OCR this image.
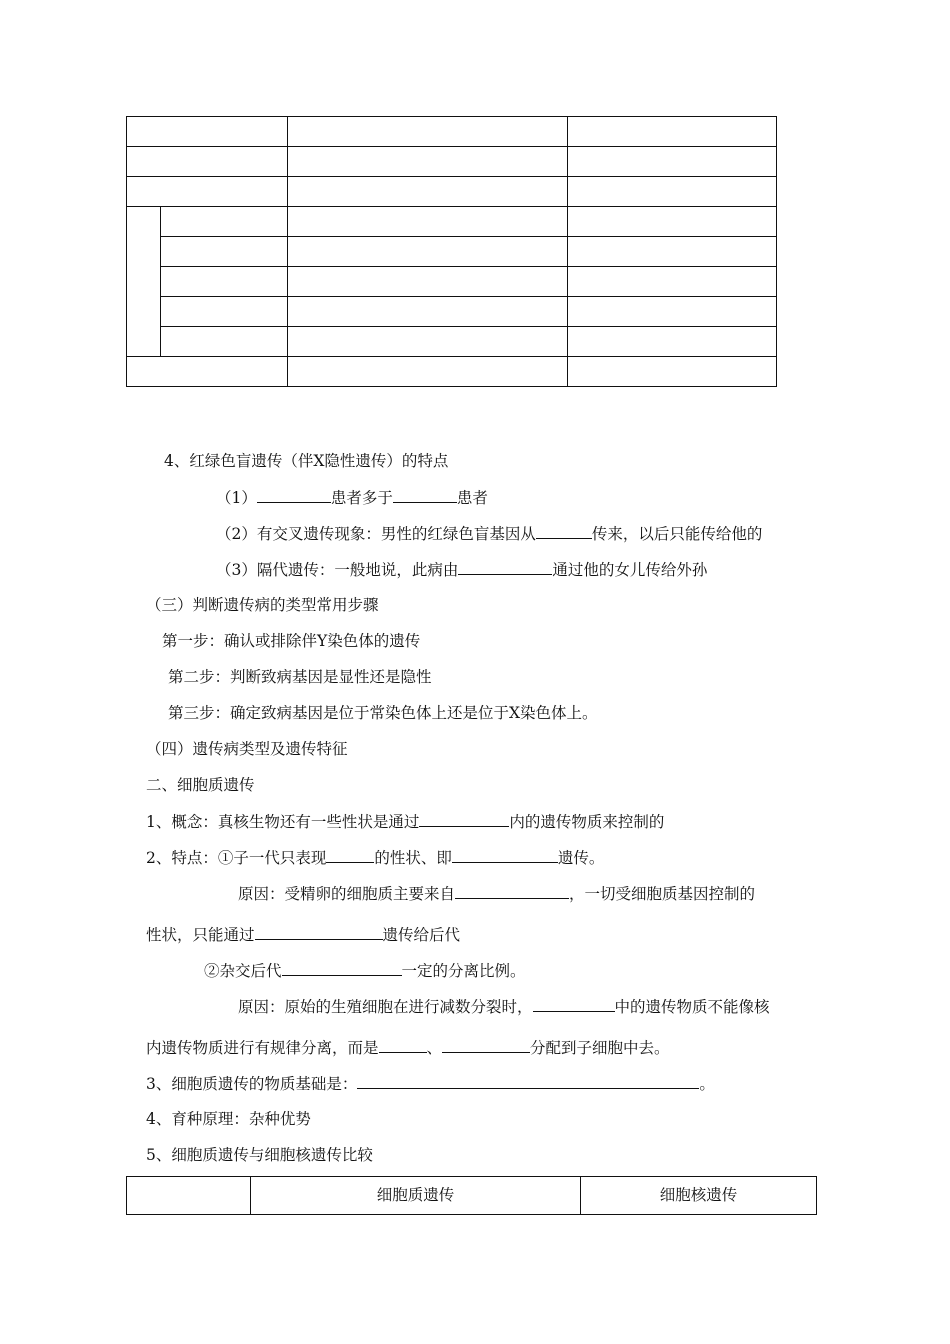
4、红绿色盲遗传（伴X隐性遗传）的特点

（1）	患者多于	患者

（2）有交叉遗传现象：男性的红绿色盲基因从	传来，以后只能传给他的

（3）隔代遗传：一般地说，此病由	通过他的女儿传给外孙

（三）判断遗传病的类型常用步骤

第一步：确认或排除伴Y染色体的遗传

第二步：判断致病基因是显性还是隐性

第三步：确定致病基因是位于常染色体上还是位于X染色体上。

（四）遗传病类型及遗传特征

二、细胞质遗传

1、概念：真核生物还有一些性状是通过	内的遗传物质来控制的

2、特点：①子一代只表现	的性状、即	遗传。

原因：受精卵的细胞质主要来自	，一切受细胞质基因控制的

性状，只能通过	遗传给后代

②杂交后代	一定的分离比例。

原因：原始的生殖细胞在进行减数分裂时，	中的遗传物质不能像核

内遗传物质进行有规律分离，而是	、	分配到子细胞中去。

3、细胞质遗传的物质基础是：	。

4、育种原理：杂种优势

5、细胞质遗传与细胞核遗传比较

	细胞质遗传	细胞核遗传
